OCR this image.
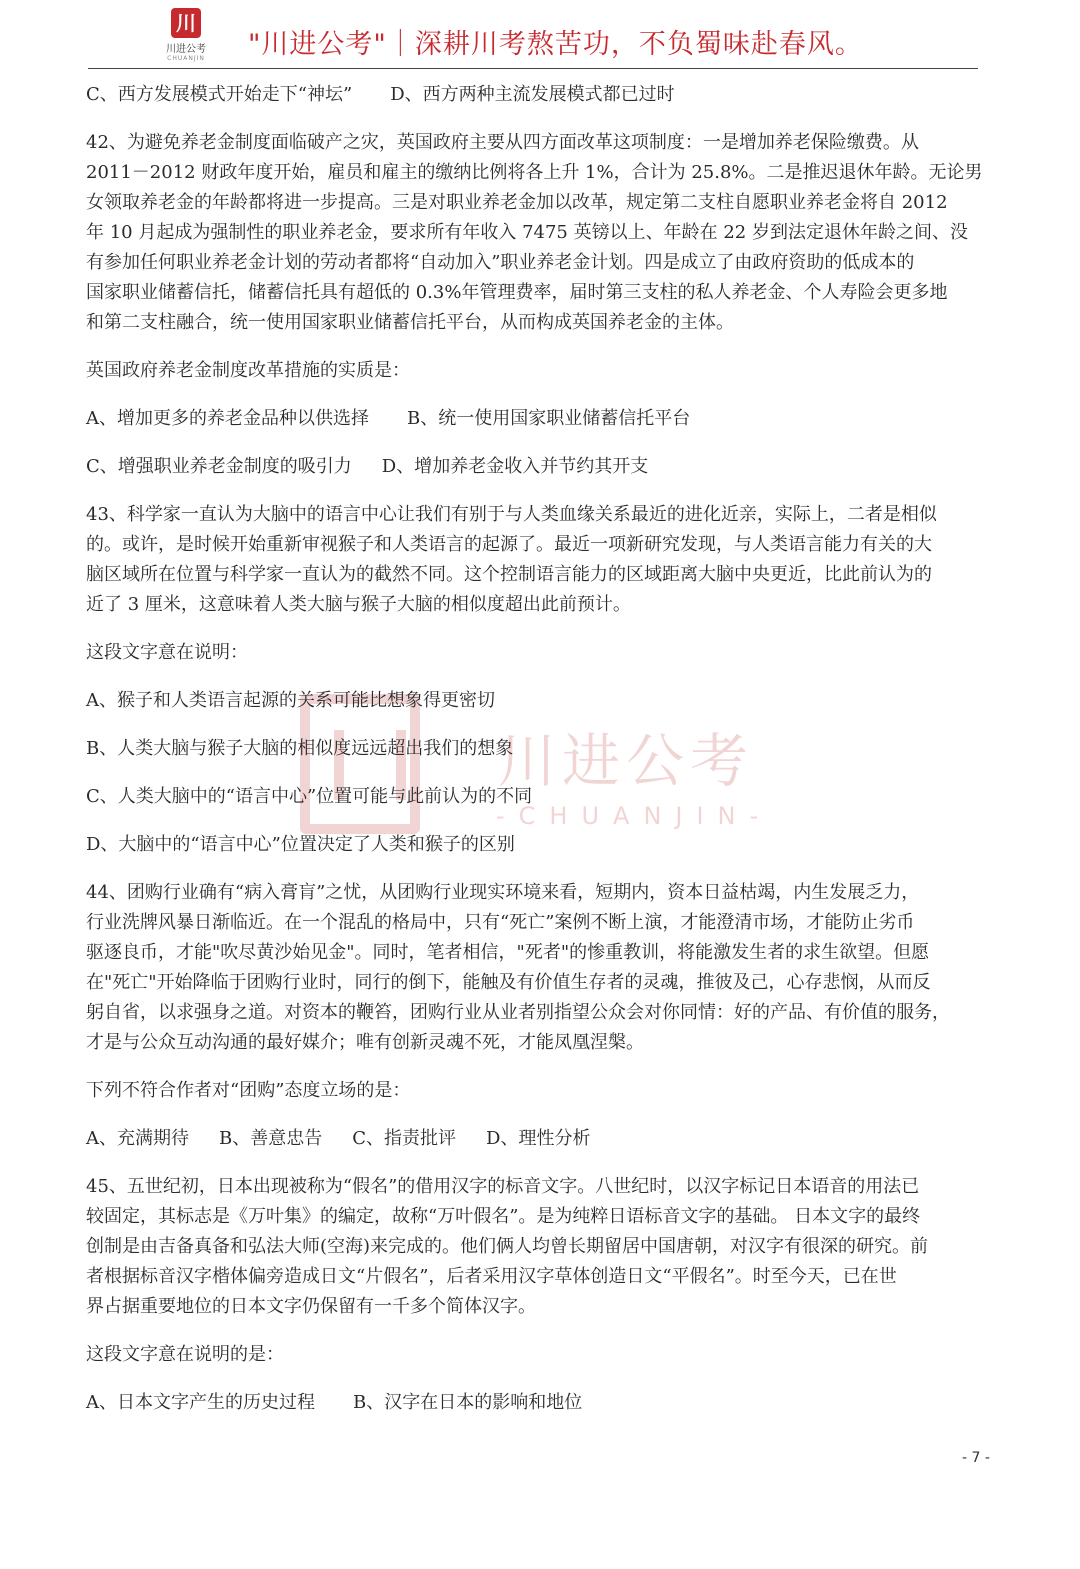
川
川进公考
CHUANJIN	"川进公考"｜深耕川考熬苦功，不负蜀味赴春风。
川进公考
-CHUANJIN-
C、西方发展模式开始走下“神坛” D、西方两种主流发展模式都已过时

42、为避免养老金制度面临破产之灾，英国政府主要从四方面改革这项制度：一是增加养老保险缴费。从

2011－2012 财政年度开始，雇员和雇主的缴纳比例将各上升 1%，合计为 25.8%。二是推迟退休年龄。无论男

女领取养老金的年龄都将进一步提高。三是对职业养老金加以改革，规定第二支柱自愿职业养老金将自 2012

年 10 月起成为强制性的职业养老金，要求所有年收入 7475 英镑以上、年龄在 22 岁到法定退休年龄之间、没

有参加任何职业养老金计划的劳动者都将“自动加入”职业养老金计划。四是成立了由政府资助的低成本的

国家职业储蓄信托，储蓄信托具有超低的 0.3%年管理费率，届时第三支柱的私人养老金、个人寿险会更多地

和第二支柱融合，统一使用国家职业储蓄信托平台，从而构成英国养老金的主体。

英国政府养老金制度改革措施的实质是：

A、增加更多的养老金品种以供选择 B、统一使用国家职业储蓄信托平台
C、增强职业养老金制度的吸引力 D、增加养老金收入并节约其开支

43、科学家一直认为大脑中的语言中心让我们有别于与人类血缘关系最近的进化近亲，实际上，二者是相似

的。或许，是时候开始重新审视猴子和人类语言的起源了。最近一项新研究发现，与人类语言能力有关的大

脑区域所在位置与科学家一直认为的截然不同。这个控制语言能力的区域距离大脑中央更近，比此前认为的

近了 3 厘米，这意味着人类大脑与猴子大脑的相似度超出此前预计。

这段文字意在说明：

A、猴子和人类语言起源的关系可能比想象得更密切

B、人类大脑与猴子大脑的相似度远远超出我们的想象

C、人类大脑中的“语言中心”位置可能与此前认为的不同

D、大脑中的“语言中心”位置决定了人类和猴子的区别

44、团购行业确有“病入膏肓”之忧，从团购行业现实环境来看，短期内，资本日益枯竭，内生发展乏力，

行业洗牌风暴日渐临近。在一个混乱的格局中，只有“死亡”案例不断上演，才能澄清市场，才能防止劣币

驱逐良币，才能"吹尽黄沙始见金"。同时，笔者相信，"死者"的惨重教训，将能激发生者的求生欲望。但愿

在"死亡"开始降临于团购行业时，同行的倒下，能触及有价值生存者的灵魂，推彼及己，心存悲悯，从而反

躬自省，以求强身之道。对资本的鞭笞，团购行业从业者别指望公众会对你同情：好的产品、有价值的服务，

才是与公众互动沟通的最好媒介；唯有创新灵魂不死，才能凤凰涅槃。

下列不符合作者对“团购”态度立场的是：

A、充满期待 B、善意忠告 C、指责批评 D、理性分析

45、五世纪初，日本出现被称为“假名”的借用汉字的标音文字。八世纪时，以汉字标记日本语音的用法已

较固定，其标志是《万叶集》的编定，故称“万叶假名”。是为纯粹日语标音文字的基础。 日本文字的最终

创制是由吉备真备和弘法大师(空海)来完成的。他们俩人均曾长期留居中国唐朝，对汉字有很深的研究。前

者根据标音汉字楷体偏旁造成日文“片假名”，后者采用汉字草体创造日文“平假名”。时至今天，已在世

界占据重要地位的日本文字仍保留有一千多个简体汉字。

这段文字意在说明的是：

A、日本文字产生的历史过程 B、汉字在日本的影响和地位
- 7 -
